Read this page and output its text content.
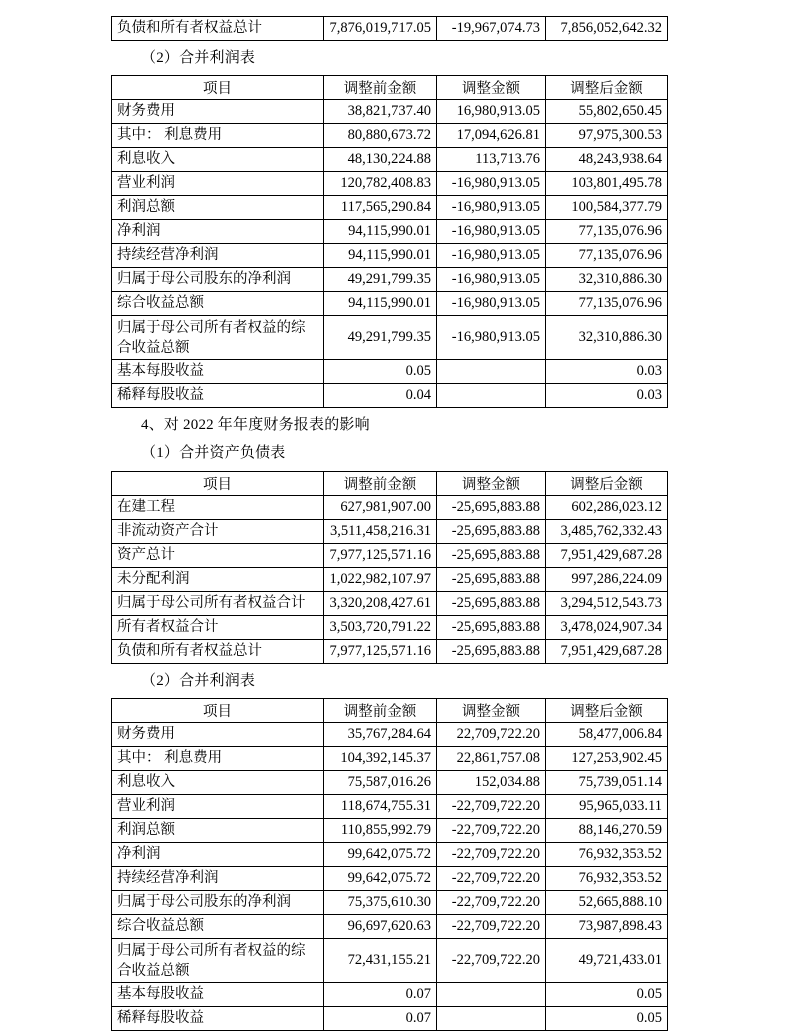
负债和所有者权益总计	7,876,019,717.05	-19,967,074.73	7,856,052,642.32
（2）合并利润表
项目	调整前金额	调整金额	调整后金额
财务费用	38,821,737.40	16,980,913.05	55,802,650.45
其中： 利息费用	80,880,673.72	17,094,626.81	97,975,300.53
利息收入	48,130,224.88	113,713.76	48,243,938.64
营业利润	120,782,408.83	-16,980,913.05	103,801,495.78
利润总额	117,565,290.84	-16,980,913.05	100,584,377.79
净利润	94,115,990.01	-16,980,913.05	77,135,076.96
持续经营净利润	94,115,990.01	-16,980,913.05	77,135,076.96
归属于母公司股东的净利润	49,291,799.35	-16,980,913.05	32,310,886.30
综合收益总额	94,115,990.01	-16,980,913.05	77,135,076.96
归属于母公司所有者权益的综合收益总额	49,291,799.35	-16,980,913.05	32,310,886.30
基本每股收益	0.05		0.03
稀释每股收益	0.04		0.03
4、对 2022 年年度财务报表的影响
（1）合并资产负债表
项目	调整前金额	调整金额	调整后金额
在建工程	627,981,907.00	-25,695,883.88	602,286,023.12
非流动资产合计	3,511,458,216.31	-25,695,883.88	3,485,762,332.43
资产总计	7,977,125,571.16	-25,695,883.88	7,951,429,687.28
未分配利润	1,022,982,107.97	-25,695,883.88	997,286,224.09
归属于母公司所有者权益合计	3,320,208,427.61	-25,695,883.88	3,294,512,543.73
所有者权益合计	3,503,720,791.22	-25,695,883.88	3,478,024,907.34
负债和所有者权益总计	7,977,125,571.16	-25,695,883.88	7,951,429,687.28
（2）合并利润表
项目	调整前金额	调整金额	调整后金额
财务费用	35,767,284.64	22,709,722.20	58,477,006.84
其中： 利息费用	104,392,145.37	22,861,757.08	127,253,902.45
利息收入	75,587,016.26	152,034.88	75,739,051.14
营业利润	118,674,755.31	-22,709,722.20	95,965,033.11
利润总额	110,855,992.79	-22,709,722.20	88,146,270.59
净利润	99,642,075.72	-22,709,722.20	76,932,353.52
持续经营净利润	99,642,075.72	-22,709,722.20	76,932,353.52
归属于母公司股东的净利润	75,375,610.30	-22,709,722.20	52,665,888.10
综合收益总额	96,697,620.63	-22,709,722.20	73,987,898.43
归属于母公司所有者权益的综合收益总额	72,431,155.21	-22,709,722.20	49,721,433.01
基本每股收益	0.07		0.05
稀释每股收益	0.07		0.05
